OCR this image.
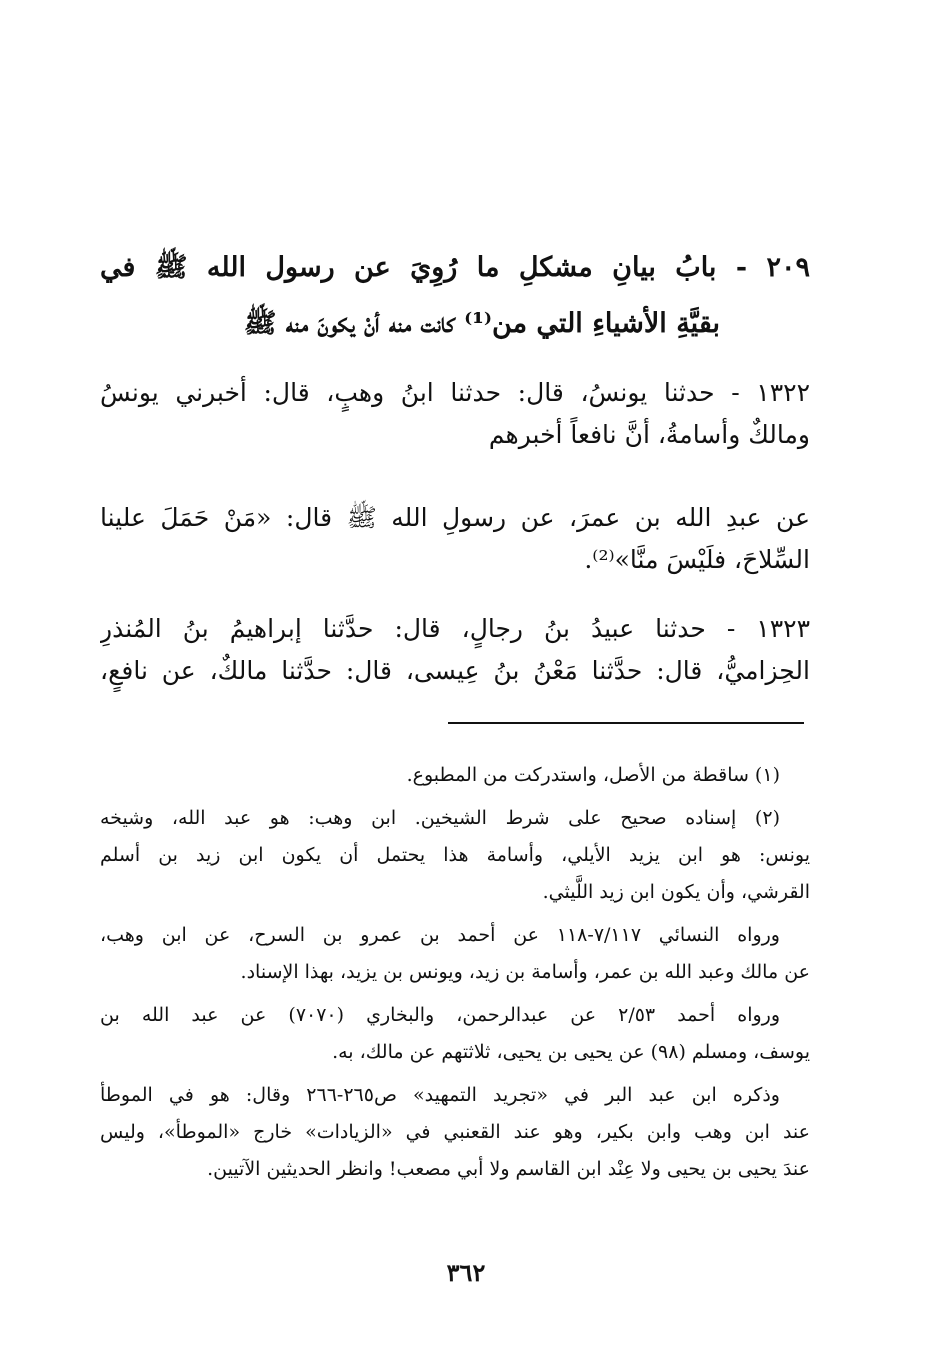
٢٠٩ - بابُ بيانِ مشكلِ ما رُوِيَ عن رسول الله ﷺ في
بقيَّةِ الأشياءِ التي من⁽¹⁾ كانت منه أنْ يكونَ منه ﷺ
١٣٢٢ - حدثنا يونسُ، قال: حدثنا ابنُ وهبٍ، قال: أخبرني يونسُ
ومالكٌ وأسامةُ، أنَّ نافعاً أخبرهم
عن عبدِ الله بن عمرَ، عن رسولِ الله ﷺ قال: «مَنْ حَمَلَ علينا
السِّلاحَ، فلَيْسَ منَّا»⁽²⁾.
١٣٢٣ - حدثنا عبيدُ بنُ رجالٍ، قال: حدَّثنا إبراهيمُ بنُ المُنذرِ
الحِزاميُّ، قال: حدَّثنا مَعْنُ بنُ عِيسى، قال: حدَّثنا مالكٌ، عن نافعٍ،

(١) ساقطة من الأصل، واستدركت من المطبوع.

(٢) إسناده صحيح على شرط الشيخين. ابن وهب: هو عبد الله، وشيخه
يونس: هو ابن يزيد الأيلي، وأسامة هذا يحتمل أن يكون ابن زيد بن أسلم
القرشي، وأن يكون ابن زيد اللَّيثي.

ورواه النسائي ٧/١١٧-١١٨ عن أحمد بن عمرو بن السرح، عن ابن وهب،
عن مالك وعبد الله بن عمر، وأسامة بن زيد، ويونس بن يزيد، بهذا الإسناد.

ورواه أحمد ٢/٥٣ عن عبدالرحمن، والبخاري (٧٠٧٠) عن عبد الله بن
يوسف، ومسلم (٩٨) عن يحيى بن يحيى، ثلاثتهم عن مالك، به.

وذكره ابن عبد البر في «تجريد التمهيد» ص٢٦٥-٢٦٦ وقال: هو في الموطأ
عند ابن وهب وابن بكير، وهو عند القعنبي في «الزيادات» خارج «الموطأ»، وليس
عندَ يحيى بن يحيى ولا عِنْد ابن القاسم ولا أبي مصعب! وانظر الحديثين الآتيين.

٣٦٢
